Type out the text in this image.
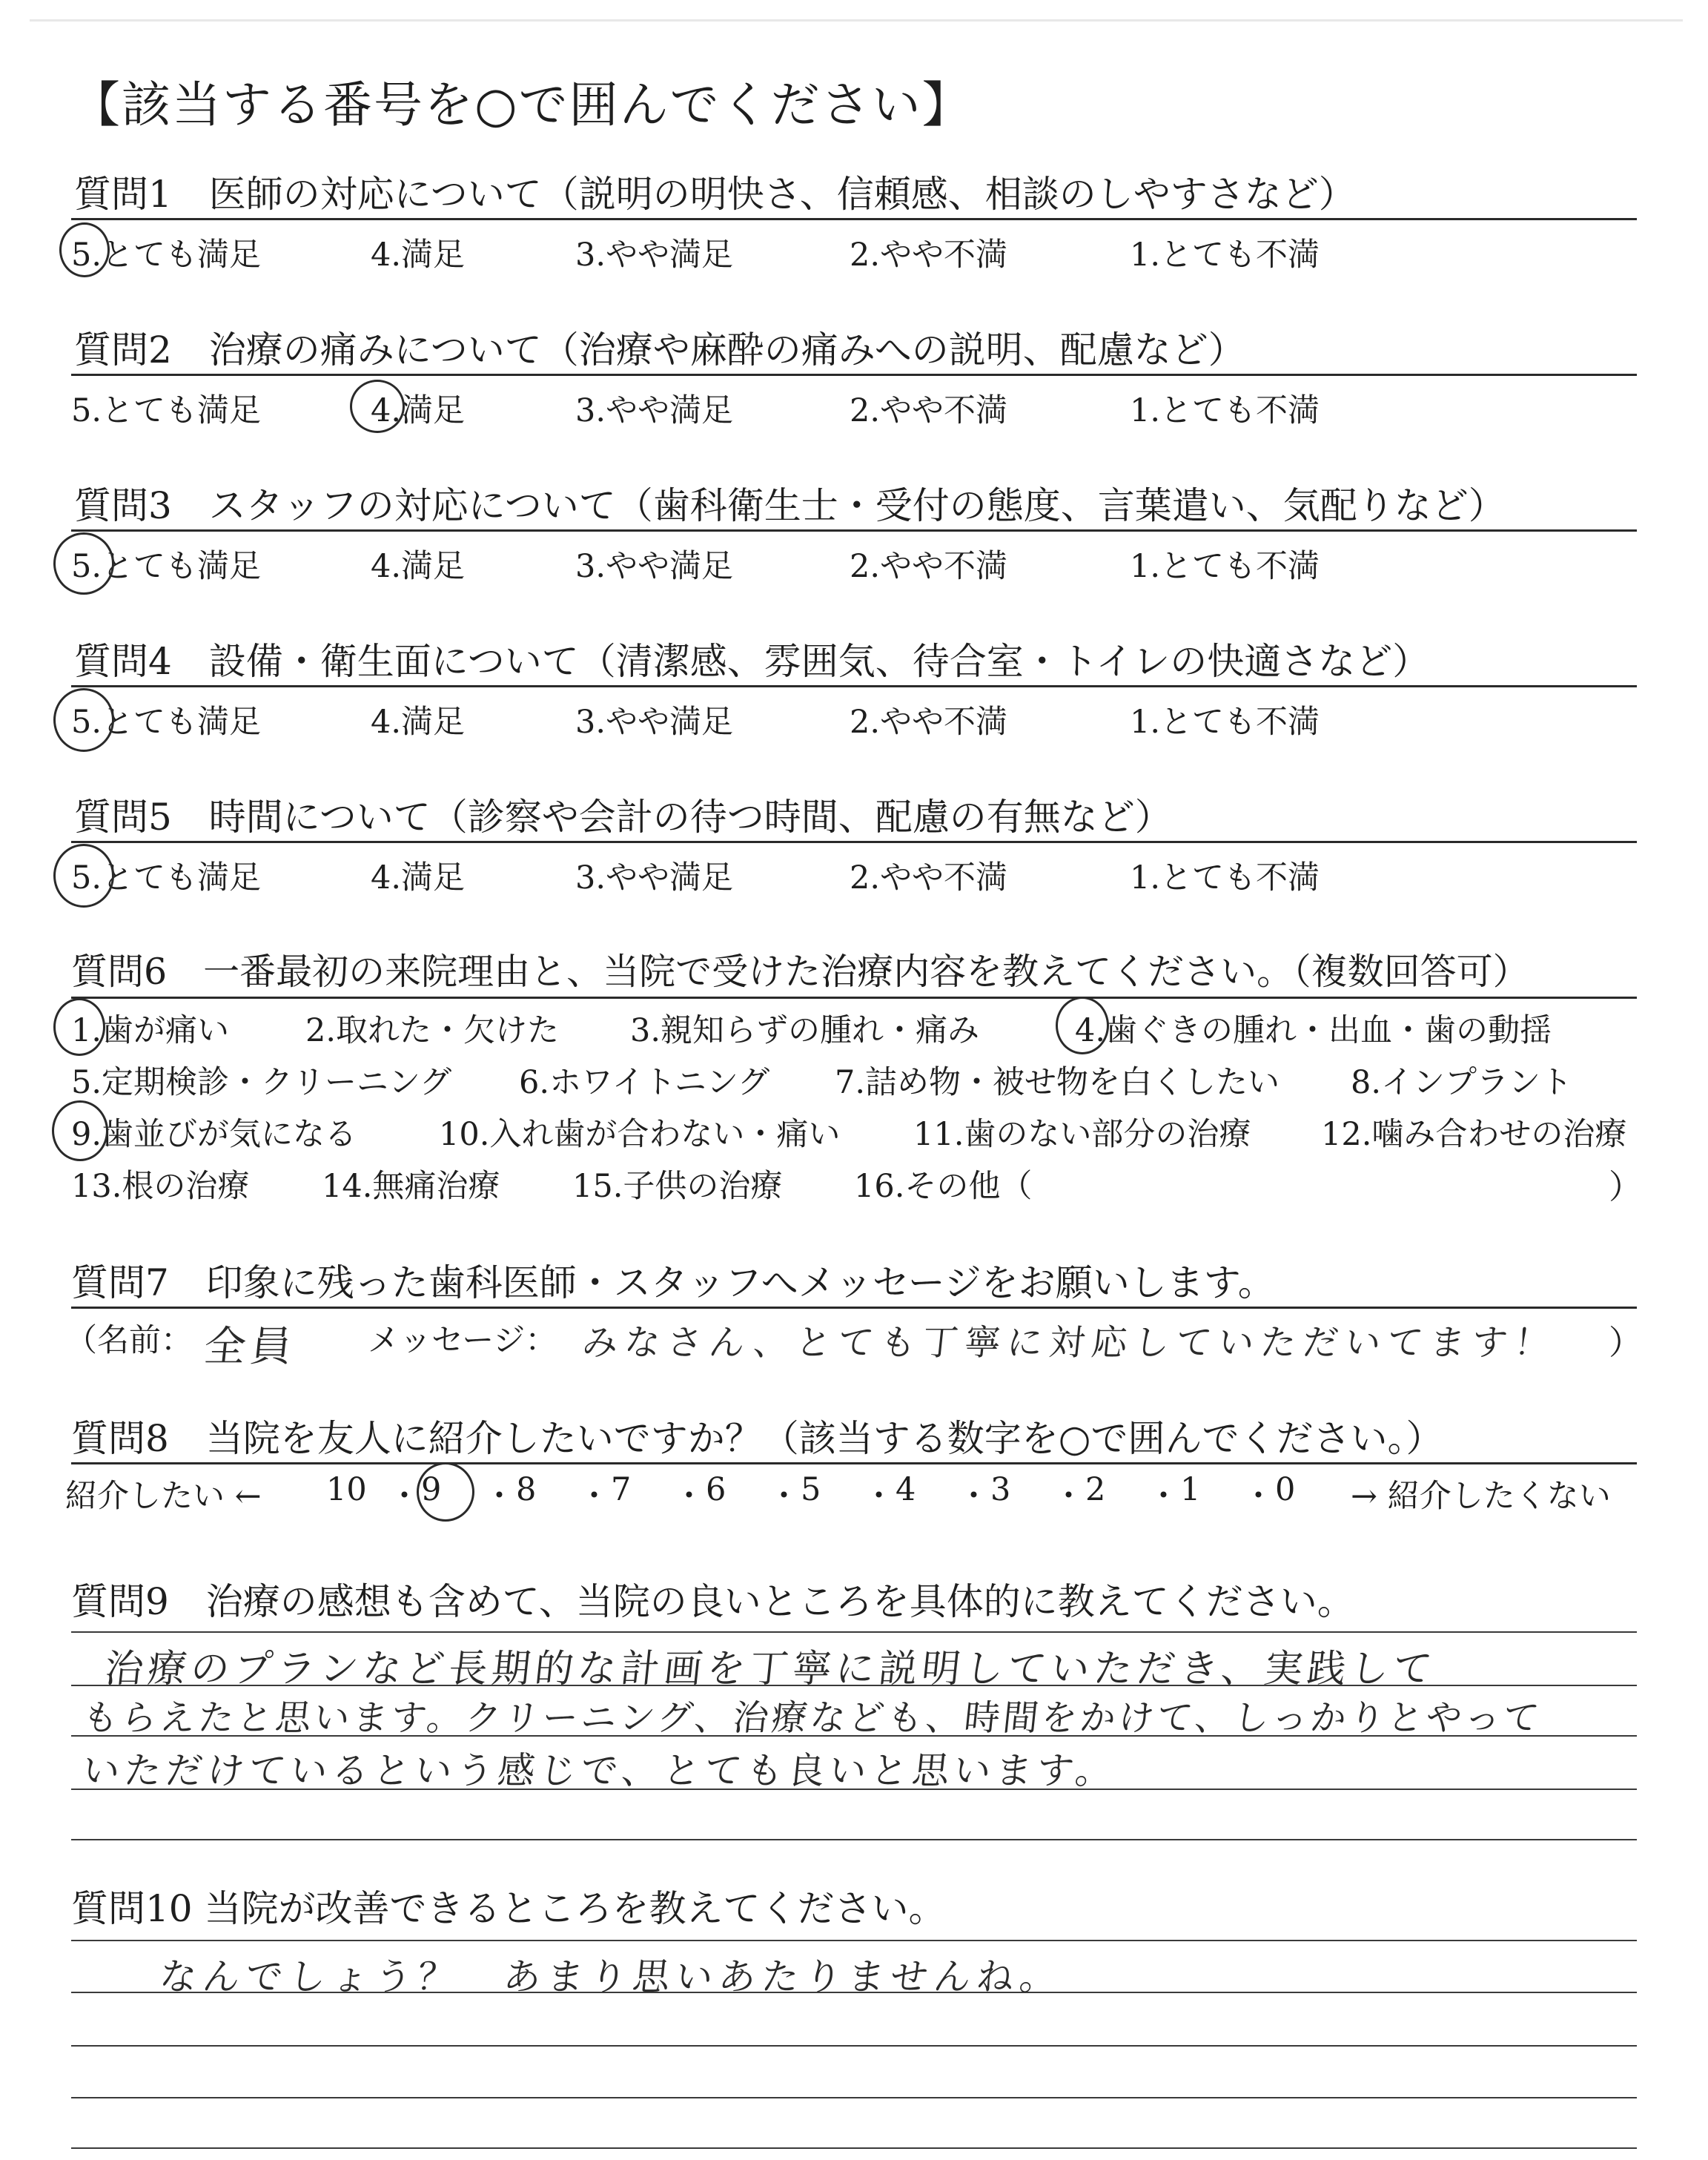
【該当する番号を○で囲んでください】
質問1　医師の対応について（説明の明快さ、信頼感、相談のしやすさなど）
5.とても満足	4.満足	3.やや満足	2.やや不満	1.とても不満
質問2　治療の痛みについて（治療や麻酔の痛みへの説明、配慮など）
5.とても満足	4.満足	3.やや満足	2.やや不満	1.とても不満
質問3　スタッフの対応について（歯科衛生士・受付の態度、言葉遣い、気配りなど）
5.とても満足	4.満足	3.やや満足	2.やや不満	1.とても不満
質問4　設備・衛生面について（清潔感、雰囲気、待合室・トイレの快適さなど）
5.とても満足	4.満足	3.やや満足	2.やや不満	1.とても不満
質問5　時間について（診察や会計の待つ時間、配慮の有無など）
5.とても満足	4.満足	3.やや満足	2.やや不満	1.とても不満
質問6　一番最初の来院理由と、当院で受けた治療内容を教えてください。（複数回答可）
1.歯が痛い 2.取れた・欠けた 3.親知らずの腫れ・痛み	4.歯ぐきの腫れ・出血・歯の動揺
5.定期検診・クリーニング 6.ホワイトニング 7.詰め物・被せ物を白くしたい 8.インプラント
9.歯並びが気になる	10.入れ歯が合わない・痛い 11.歯のない部分の治療 12.噛み合わせの治療
13.根の治療 14.無痛治療 15.子供の治療 16.その他（	）
質問7　印象に残った歯科医師・スタッフへメッセージをお願いします。
（名前： 全員 メッセージ： みなさん、とても丁寧に対応していただいてます！ ）
質問8　当院を友人に紹介したいですか？（該当する数字を○で囲んでください。）
紹介したい ← 10 ・ 9 ・ 8 ・ 7 ・ 6 ・ 5 ・ 4 ・ 3 ・ 2 ・ 1 ・ 0 → 紹介したくない
質問9　治療の感想も含めて、当院の良いところを具体的に教えてください。
治療のプランなど長期的な計画を丁寧に説明していただき、実践して
もらえたと思います。クリーニング、治療なども、時間をかけて、しっかりとやって
いただけているという感じで、とても良いと思います。
質問10 当院が改善できるところを教えてください。
なんでしょう？　あまり思いあたりませんね。
